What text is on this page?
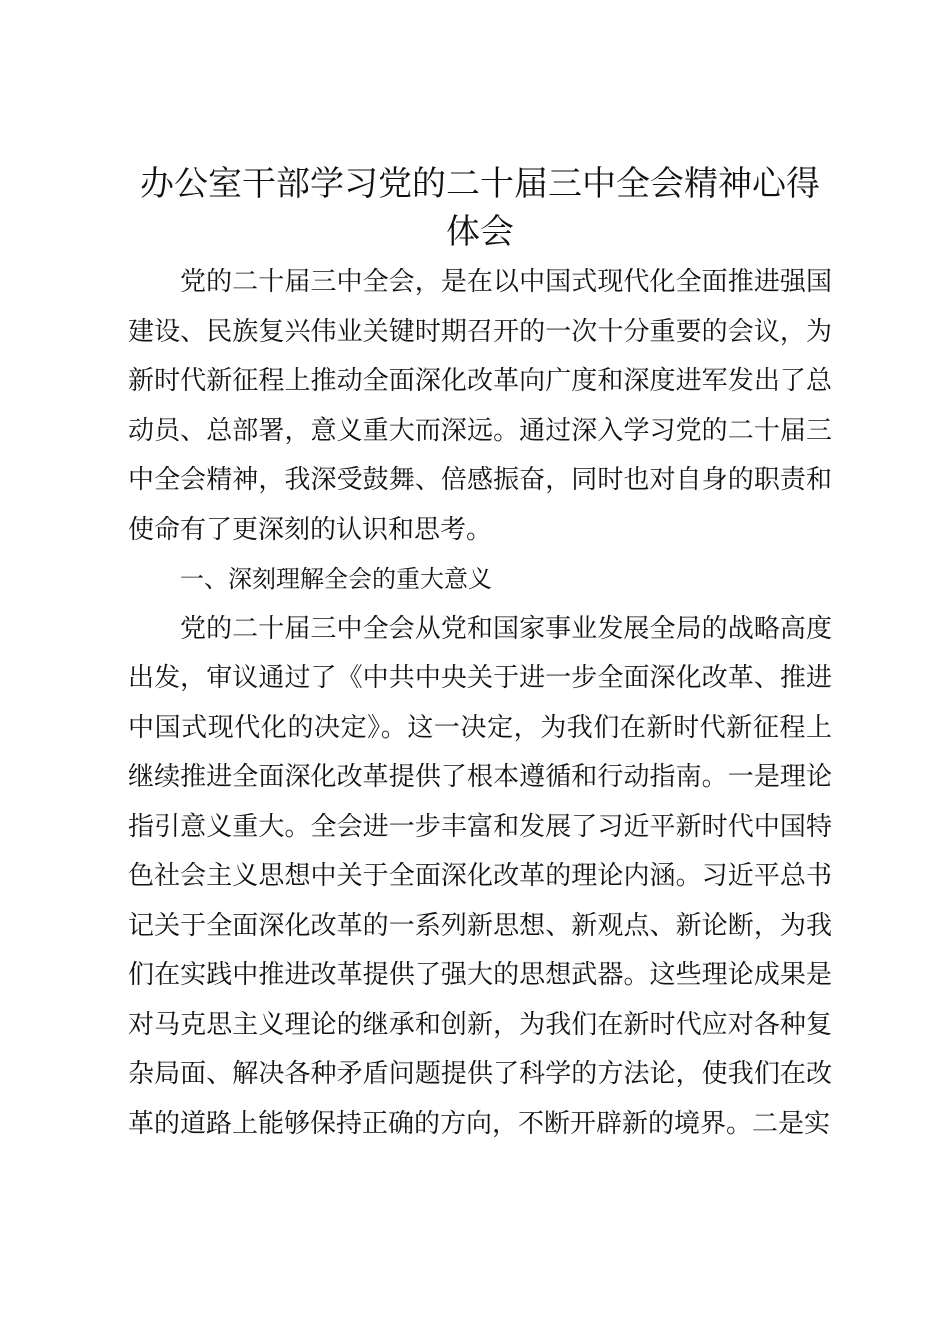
办公室干部学习党的二十届三中全会精神心得体会

党的二十届三中全会，是在以中国式现代化全面推进强国建设、民族复兴伟业关键时期召开的一次十分重要的会议，为新时代新征程上推动全面深化改革向广度和深度进军发出了总动员、总部署，意义重大而深远。通过深入学习党的二十届三中全会精神，我深受鼓舞、倍感振奋，同时也对自身的职责和使命有了更深刻的认识和思考。

一、深刻理解全会的重大意义

党的二十届三中全会从党和国家事业发展全局的战略高度出发，审议通过了《中共中央关于进一步全面深化改革、推进中国式现代化的决定》。这一决定，为我们在新时代新征程上继续推进全面深化改革提供了根本遵循和行动指南。一是理论指引意义重大。全会进一步丰富和发展了习近平新时代中国特色社会主义思想中关于全面深化改革的理论内涵。习近平总书记关于全面深化改革的一系列新思想、新观点、新论断，为我们在实践中推进改革提供了强大的思想武器。这些理论成果是对马克思主义理论的继承和创新，为我们在新时代应对各种复杂局面、解决各种矛盾问题提供了科学的方法论，使我们在改革的道路上能够保持正确的方向，不断开辟新的境界。二是实
